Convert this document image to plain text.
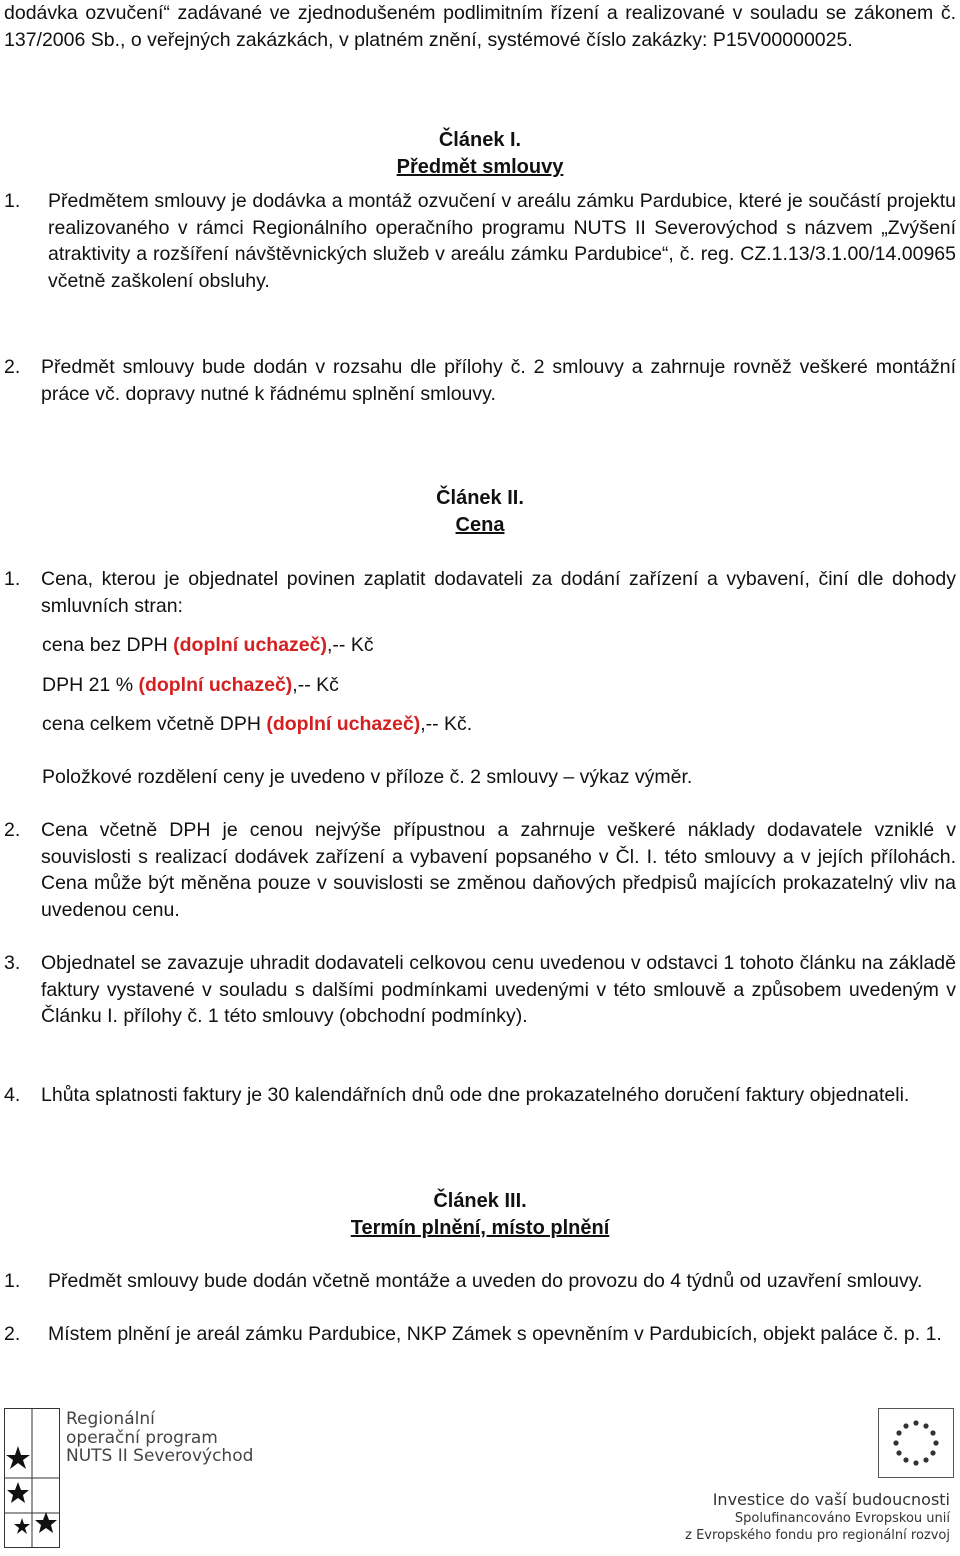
dodávka ozvučení“ zadávané ve zjednodušeném podlimitním řízení a realizované v souladu se zákonem č. 137/2006 Sb., o veřejných zakázkách, v platném znění, systémové číslo zakázky: P15V00000025.

Článek I.
Předmět smlouvy
1.	Předmětem smlouvy je dodávka a montáž ozvučení v areálu zámku Pardubice, které je součástí projektu realizovaného v rámci Regionálního operačního programu NUTS II Severovýchod s názvem „Zvýšení atraktivity a rozšíření návštěvnických služeb v areálu zámku Pardubice“, č. reg. CZ.1.13/3.1.00/14.00965 včetně zaškolení obsluhy.
2.	Předmět smlouvy bude dodán v rozsahu dle přílohy č. 2 smlouvy a zahrnuje rovněž veškeré montážní práce vč. dopravy nutné k řádnému splnění smlouvy.
Článek II.
Cena
1.	Cena, kterou je objednatel povinen zaplatit dodavateli za dodání zařízení a vybavení, činí dle dohody smluvních stran:
cena bez DPH (doplní uchazeč),-- Kč
DPH 21 % (doplní uchazeč),-- Kč
cena celkem včetně DPH (doplní uchazeč),-- Kč.
Položkové rozdělení ceny je uvedeno v příloze č. 2 smlouvy – výkaz výměr.
2.	Cena včetně DPH je cenou nejvýše přípustnou a zahrnuje veškeré náklady dodavatele vzniklé v souvislosti s realizací dodávek zařízení a vybavení popsaného v Čl. I. této smlouvy a v jejích přílohách. Cena může být měněna pouze v souvislosti se změnou daňových předpisů majících prokazatelný vliv na uvedenou cenu.
3.	Objednatel se zavazuje uhradit dodavateli celkovou cenu uvedenou v odstavci 1 tohoto článku na základě faktury vystavené v souladu s dalšími podmínkami uvedenými v této smlouvě a způsobem uvedeným v Článku I. přílohy č. 1 této smlouvy (obchodní podmínky).
4.	Lhůta splatnosti faktury je 30 kalendářních dnů ode dne prokazatelného doručení faktury objednateli.
Článek III.
Termín plnění, místo plnění
1.	Předmět smlouvy bude dodán včetně montáže a uveden do provozu do 4 týdnů od uzavření smlouvy.
2.	Místem plnění je areál zámku Pardubice, NKP Zámek s opevněním v Pardubicích, objekt paláce č. p. 1.
Regionální
operační program
NUTS II Severovýchod
Investice do vaší budoucnosti
Spolufinancováno Evropskou unií
z Evropského fondu pro regionální rozvoj
